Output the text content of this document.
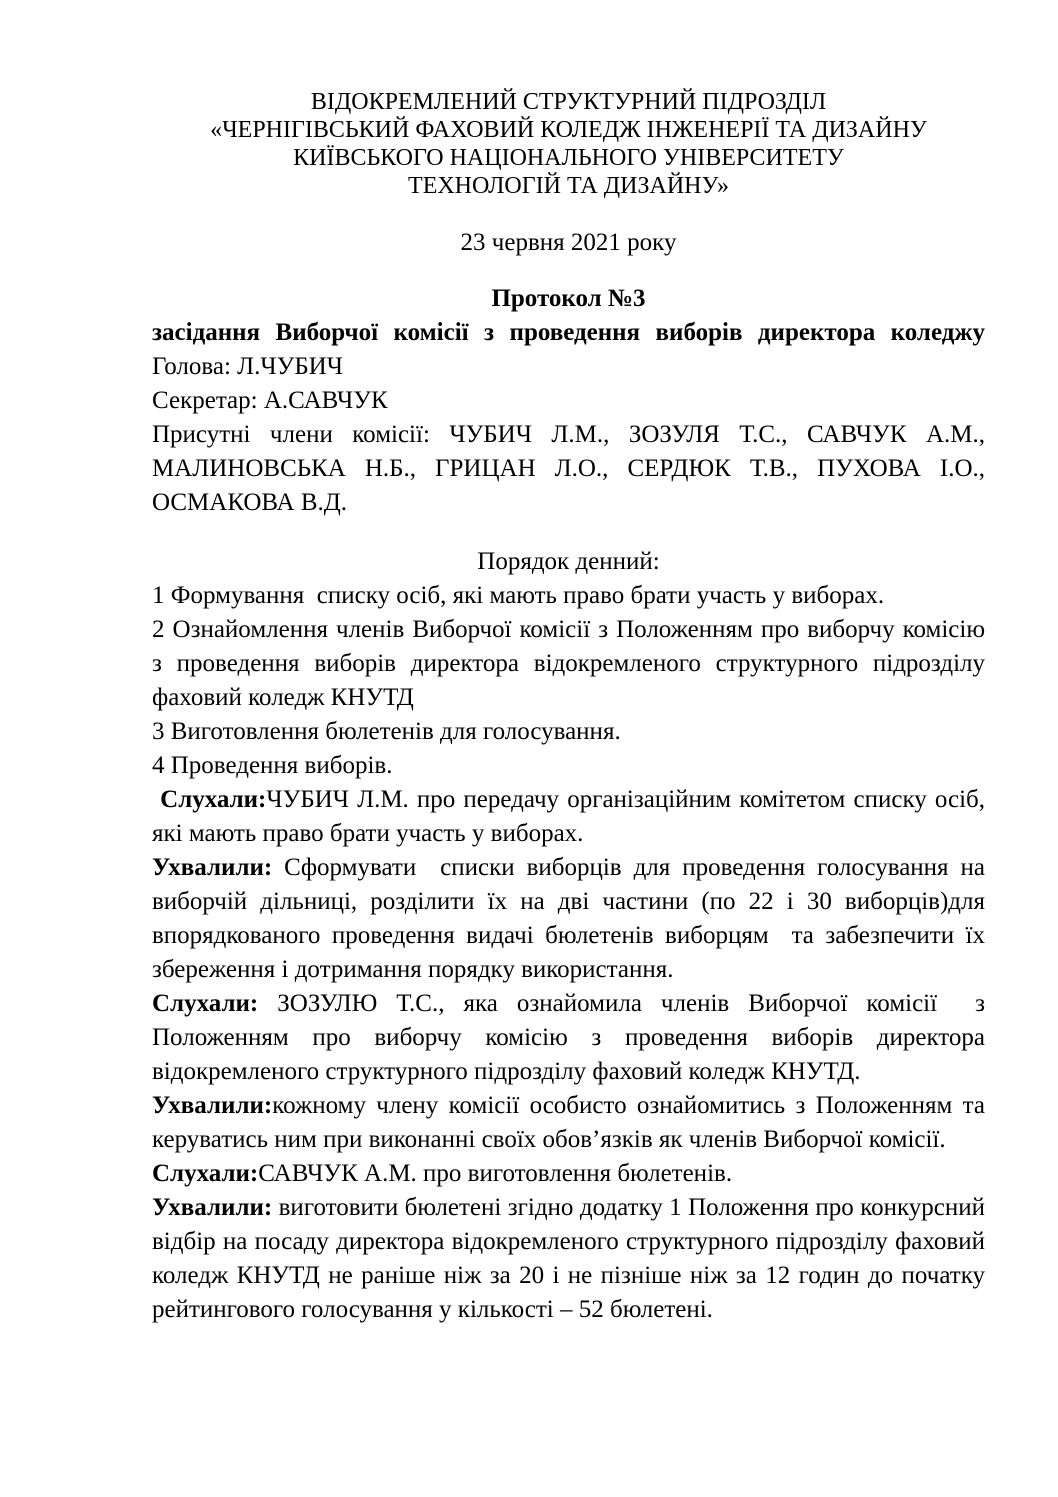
ВІДОКРЕМЛЕНИЙ СТРУКТУРНИЙ ПІДРОЗДІЛ
«ЧЕРНІГІВСЬКИЙ ФАХОВИЙ КОЛЕДЖ ІНЖЕНЕРІЇ ТА ДИЗАЙНУ
КИЇВСЬКОГО НАЦІОНАЛЬНОГО УНІВЕРСИТЕТУ
ТЕХНОЛОГІЙ ТА ДИЗАЙНУ»
23 червня 2021 року
Протокол №3
засідання Виборчої комісії з проведення виборів директора коледжу

Голова: Л.ЧУБИЧ

Секретар: А.САВЧУК

Присутні члени комісії: ЧУБИЧ Л.М., ЗОЗУЛЯ Т.С., САВЧУК А.М., МАЛИНОВСЬКА Н.Б., ГРИЦАН Л.О., СЕРДЮК Т.В., ПУХОВА І.О., ОСМАКОВА В.Д.

Порядок денний:

1 Формування  списку осіб, які мають право брати участь у виборах.

2 Ознайомлення членів Виборчої комісії з Положенням про виборчу комісію з проведення виборів директора відокремленого структурного підрозділу фаховий коледж КНУТД

3 Виготовлення бюлетенів для голосування.

4 Проведення виборів.

Слухали:ЧУБИЧ Л.М. про передачу організаційним комітетом списку осіб, які мають право брати участь у виборах.

Ухвалили: Сформувати  списки виборців для проведення голосування на виборчій дільниці, розділити їх на дві частини (по 22 і 30 виборців)для впорядкованого проведення видачі бюлетенів виборцям  та забезпечити їх збереження і дотримання порядку використання.

Слухали: ЗОЗУЛЮ Т.С., яка ознайомила членів Виборчої комісії  з Положенням про виборчу комісію з проведення виборів директора відокремленого структурного підрозділу фаховий коледж КНУТД.

Ухвалили:кожному члену комісії особисто ознайомитись з Положенням та керуватись ним при виконанні своїх обов’язків як членів Виборчої комісії.

Слухали:САВЧУК А.М. про виготовлення бюлетенів.

Ухвалили: виготовити бюлетені згідно додатку 1 Положення про конкурсний відбір на посаду директора відокремленого структурного підрозділу фаховий коледж КНУТД не раніше ніж за 20 і не пізніше ніж за 12 годин до початку рейтингового голосування у кількості – 52 бюлетені.
